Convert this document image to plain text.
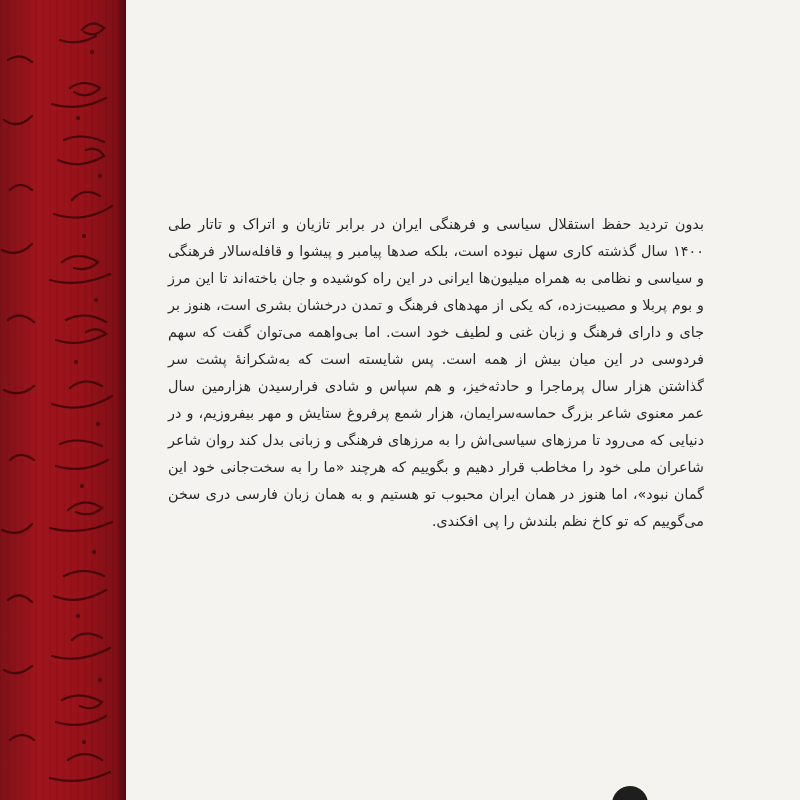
بدون تردید حفظ استقلال سیاسی و فرهنگی ایران در برابر تازیان و اتراک و تاتار طی ۱۴۰۰ سال گذشته کاری سهل نبوده است، بلکه صدها پیامبر و پیشوا و قافله‌سالار فرهنگی و سیاسی و نظامی به همراه میلیون‌ها ایرانی در این راه کوشیده و جان باخته‌اند تا این مرز و بوم پربلا و مصیبت‌زده، که یکی از مهدهای فرهنگ و تمدن درخشان بشری است، هنوز بر جای و دارای فرهنگ و زبان غنی و لطیف خود است. اما بی‌واهمه می‌توان گفت که سهم فردوسی در این میان بیش از همه است. پس شایسته است که به‌شکرانهٔ پشت سر گذاشتن هزار سال پرماجرا و حادثه‌خیز، و هم سپاس و شادی فرارسیدن هزارمین سال عمر معنوی شاعر بزرگ حماسه‌سرایمان، هزار شمع پرفروغ ستایش و مهر بیفروزیم، و در دنیایی که می‌رود تا مرزهای سیاسی‌اش را به مرزهای فرهنگی و زبانی بدل کند روان شاعر شاعران ملی خود را مخاطب قرار دهیم و بگوییم که هرچند «ما را به سخت‌جانی خود این گمان نبود»، اما هنوز در همان ایران محبوب تو هستیم و به همان زبان فارسی دری سخن می‌گوییم که تو کاخ نظم بلندش را پی افکندی.
